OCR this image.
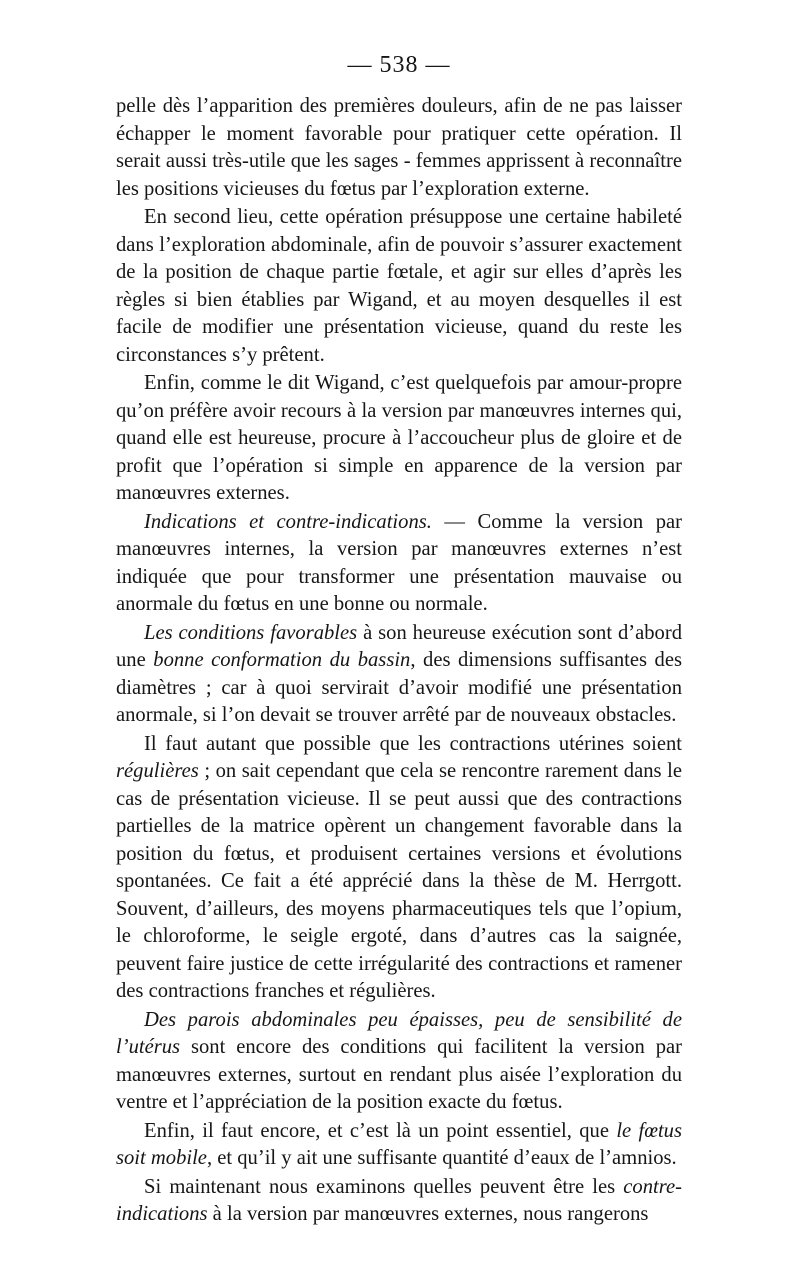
— 538 —

pelle dès l’apparition des premières douleurs, afin de ne pas laisser échapper le moment favorable pour pratiquer cette opération. Il serait aussi très-utile que les sages - femmes apprissent à reconnaître les positions vicieuses du fœtus par l’exploration externe.

En second lieu, cette opération présuppose une certaine habileté dans l’exploration abdominale, afin de pouvoir s’assurer exactement de la position de chaque partie fœtale, et agir sur elles d’après les règles si bien établies par Wigand, et au moyen desquelles il est facile de modifier une présentation vicieuse, quand du reste les circonstances s’y prêtent.

Enfin, comme le dit Wigand, c’est quelquefois par amour-propre qu’on préfère avoir recours à la version par manœuvres internes qui, quand elle est heureuse, procure à l’accoucheur plus de gloire et de profit que l’opération si simple en apparence de la version par manœuvres externes.

Indications et contre-indications. — Comme la version par manœuvres internes, la version par manœuvres externes n’est indiquée que pour transformer une présentation mauvaise ou anormale du fœtus en une bonne ou normale.

Les conditions favorables à son heureuse exécution sont d’abord une bonne conformation du bassin, des dimensions suffisantes des diamètres ; car à quoi servirait d’avoir modifié une présentation anormale, si l’on devait se trouver arrêté par de nouveaux obstacles.

Il faut autant que possible que les contractions utérines soient régulières ; on sait cependant que cela se rencontre rarement dans le cas de présentation vicieuse. Il se peut aussi que des contractions partielles de la matrice opèrent un changement favorable dans la position du fœtus, et produisent certaines versions et évolutions spontanées. Ce fait a été apprécié dans la thèse de M. Herrgott. Souvent, d’ailleurs, des moyens pharmaceutiques tels que l’opium, le chloroforme, le seigle ergoté, dans d’autres cas la saignée, peuvent faire justice de cette irrégularité des contractions et ramener des contractions franches et régulières.

Des parois abdominales peu épaisses, peu de sensibilité de l’utérus sont encore des conditions qui facilitent la version par manœuvres externes, surtout en rendant plus aisée l’exploration du ventre et l’appréciation de la position exacte du fœtus.

Enfin, il faut encore, et c’est là un point essentiel, que le fœtus soit mobile, et qu’il y ait une suffisante quantité d’eaux de l’amnios.

Si maintenant nous examinons quelles peuvent être les contre-indications à la version par manœuvres externes, nous rangerons
